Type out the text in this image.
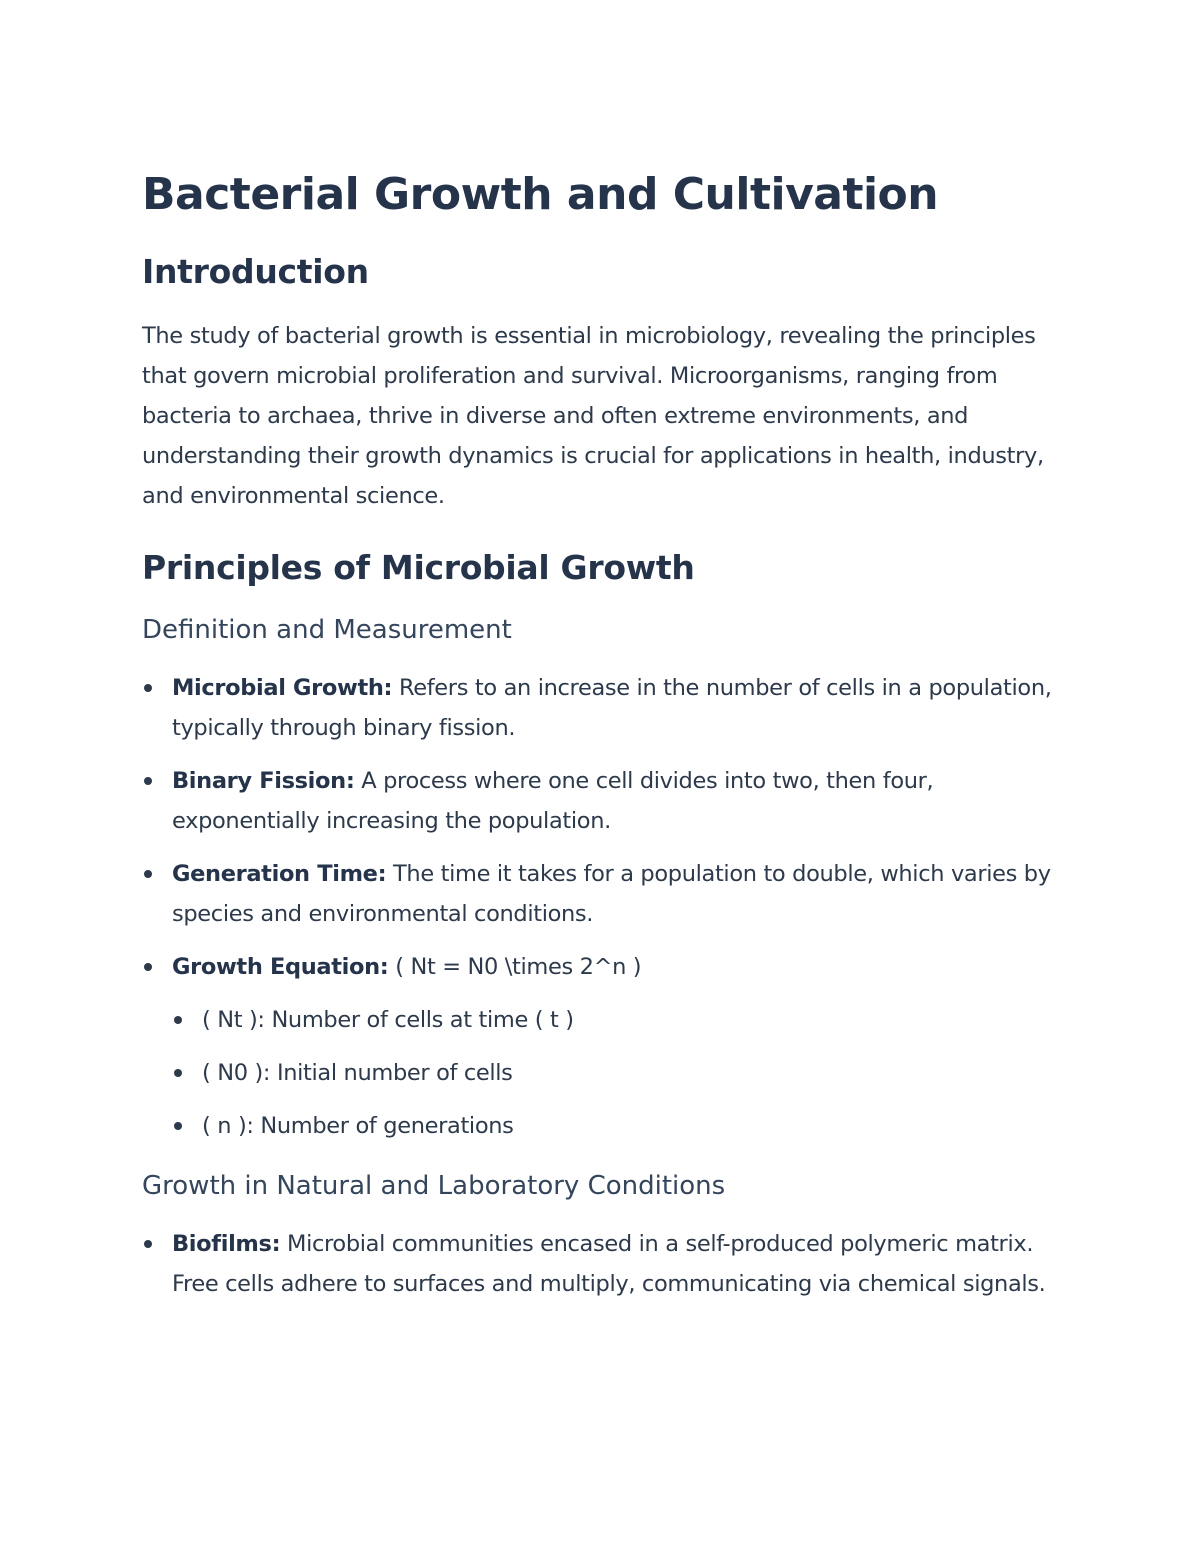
Bacterial Growth and Cultivation
Introduction

The study of bacterial growth is essential in microbiology, revealing the principles that govern microbial proliferation and survival. Microorganisms, ranging from bacteria to archaea, thrive in diverse and often extreme environments, and understanding their growth dynamics is crucial for applications in health, industry, and environmental science.

Principles of Microbial Growth
Definition and Measurement
Microbial Growth: Refers to an increase in the number of cells in a population, typically through binary fission.
Binary Fission: A process where one cell divides into two, then four, exponentially increasing the population.
Generation Time: The time it takes for a population to double, which varies by species and environmental conditions.
Growth Equation: ( Nt = N0 \times 2^n )
( Nt ): Number of cells at time ( t )
( N0 ): Initial number of cells
( n ): Number of generations
Growth in Natural and Laboratory Conditions
Biofilms: Microbial communities encased in a self-produced polymeric matrix. Free cells adhere to surfaces and multiply, communicating via chemical signals.
